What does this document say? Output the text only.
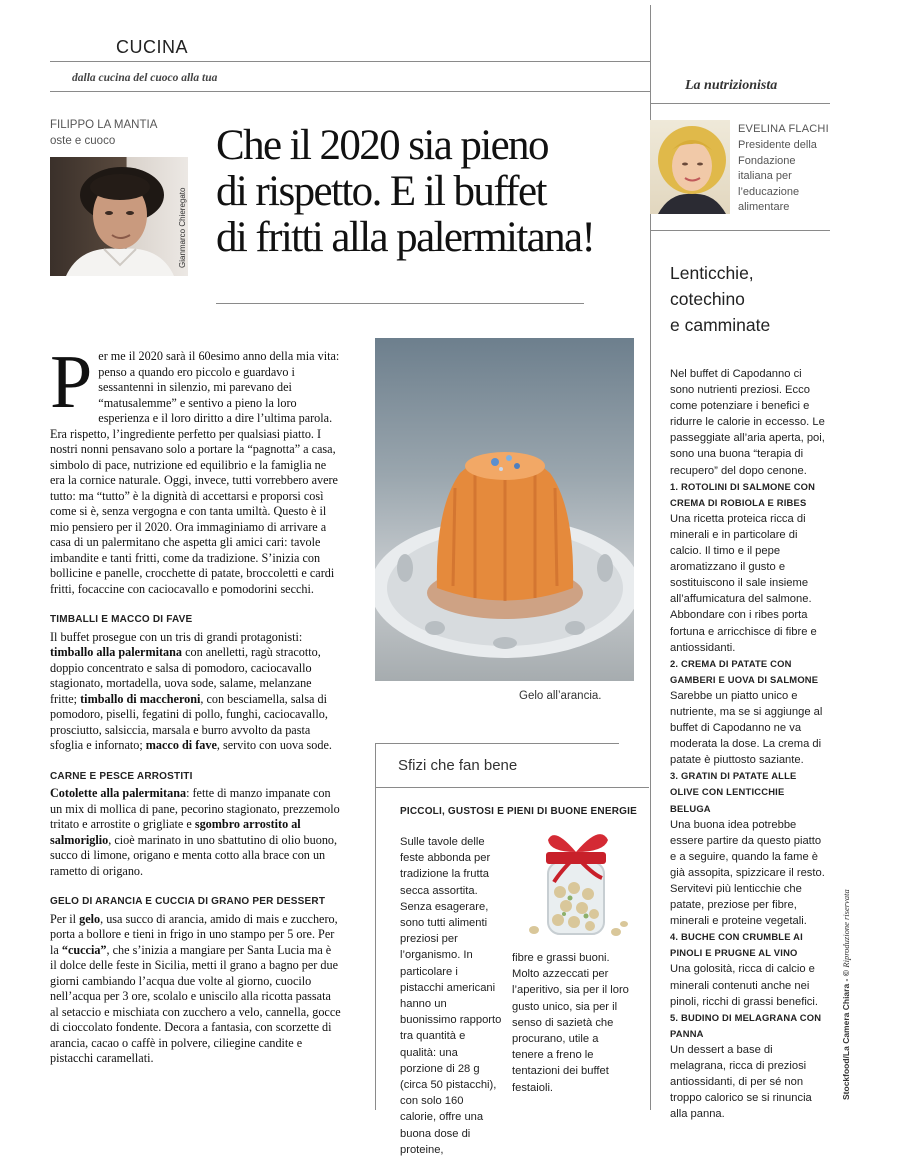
CUCINA
dalla cucina del cuoco alla tua	La nutrizionista
FILIPPO LA MANTIA
oste e cuoco
Gianmarco Chieregato
Che il 2020 sia pieno
di rispetto. E il buffet
di fritti alla palermitana!

Per me il 2020 sarà il 60esimo anno della mia vita: penso a quando ero piccolo e guardavo i sessantenni in silenzio, mi parevano dei “matusalemme” e sentivo a pieno la loro esperienza e il loro diritto a dire l’ultima parola. Era rispetto, l’ingrediente perfetto per qualsiasi piatto. I nostri nonni pensavano solo a portare la “pagnotta” a casa, simbolo di pace, nutrizione ed equilibrio e la famiglia ne era la cornice naturale. Oggi, invece, tutti vorrebbero avere tutto: ma “tutto” è la dignità di accettarsi e proporsi così come si è, senza vergogna e con tanta umiltà. Questo è il mio pensiero per il 2020. Ora immaginiamo di arrivare a casa di un palermitano che aspetta gli amici cari: tavole imbandite e tanti fritti, come da tradizione. S’inizia con bollicine e panelle, crocchette di patate, broccoletti e cardi fritti, focaccine con caciocavallo e pomodorini secchi.

TIMBALLI E MACCO DI FAVE

Il buffet prosegue con un tris di grandi protagonisti: timballo alla palermitana con anelletti, ragù stracotto, doppio concentrato e salsa di pomodoro, caciocavallo stagionato, mortadella, uova sode, salame, melanzane fritte; timballo di maccheroni, con besciamella, salsa di pomodoro, piselli, fegatini di pollo, funghi, caciocavallo, prosciutto, salsiccia, marsala e burro avvolto da pasta sfoglia e infornato; macco di fave, servito con uova sode.

CARNE E PESCE ARROSTITI

Cotolette alla palermitana: fette di manzo impanate con un mix di mollica di pane, pecorino stagionato, prezzemolo tritato e arrostite o grigliate e sgombro arrostito al salmoriglio, cioè marinato in uno sbattutino di olio buono, succo di limone, origano e menta cotto alla brace con un rametto di origano.

GELO DI ARANCIA E CUCCIA DI GRANO PER DESSERT

Per il gelo, usa succo di arancia, amido di mais e zucchero, porta a bollore e tieni in frigo in uno stampo per 5 ore. Per la “cuccia”, che s’inizia a mangiare per Santa Lucia ma è il dolce delle feste in Sicilia, metti il grano a bagno per due giorni cambiando l’acqua due volte al giorno, cuocilo nell’acqua per 3 ore, scolalo e uniscilo alla ricotta passata al setaccio e mischiata con zucchero a velo, cannella, gocce di cioccolato fondente. Decora a fantasia, con scorzette di arancia, cacao o caffè in polvere, ciliegine candite e pistacchi caramellati.

Gelo all’arancia.
Sfizi che fan bene
PICCOLI, GUSTOSI E PIENI DI BUONE ENERGIE
Sulle tavole delle feste abbonda per tradizione la frutta secca assortita. Senza esagerare, sono tutti alimenti preziosi per l’organismo. In particolare i pistacchi americani hanno un buonissimo rapporto tra quantità e qualità: una porzione di 28 g (circa 50 pistacchi), con solo 160 calorie, offre una buona dose di proteine,
fibre e grassi buoni. Molto azzeccati per l’aperitivo, sia per il loro gusto unico, sia per il senso di sazietà che procurano, utile a tenere a freno le tentazioni dei buffet festaioli.
EVELINA FLACHI
Presidente della Fondazione italiana per l’educazione alimentare
Lenticchie,
cotechino
e camminate

Nel buffet di Capodanno ci sono nutrienti preziosi. Ecco come potenziare i benefici e ridurre le calorie in eccesso. Le passeggiate all’aria aperta, poi, sono una buona “terapia di recupero” del dopo cenone.

1. ROTOLINI DI SALMONE CON CREMA DI ROBIOLA E RIBES

Una ricetta proteica ricca di minerali e in particolare di calcio. Il timo e il pepe aromatizzano il gusto e sostituiscono il sale insieme all’affumicatura del salmone. Abbondare con i ribes porta fortuna e arricchisce di fibre e antiossidanti.

2. CREMA DI PATATE CON GAMBERI E UOVA DI SALMONE

Sarebbe un piatto unico e nutriente, ma se si aggiunge al buffet di Capodanno ne va moderata la dose. La crema di patate è piuttosto saziante.

3. GRATIN DI PATATE ALLE OLIVE CON LENTICCHIE BELUGA

Una buona idea potrebbe essere partire da questo piatto e a seguire, quando la fame è già assopita, spizzicare il resto. Servitevi più lenticchie che patate, preziose per fibre, minerali e proteine vegetali.

4. BUCHE CON CRUMBLE AI PINOLI E PRUGNE AL VINO

Una golosità, ricca di calcio e minerali contenuti anche nei pinoli, ricchi di grassi benefici.

5. BUDINO DI MELAGRANA CON PANNA

Un dessert a base di melagrana, ricca di preziosi antiossidanti, di per sé non troppo calorico se si rinuncia alla panna.

Stockfood/La Camera Chiara - © Riproduzione riservata
